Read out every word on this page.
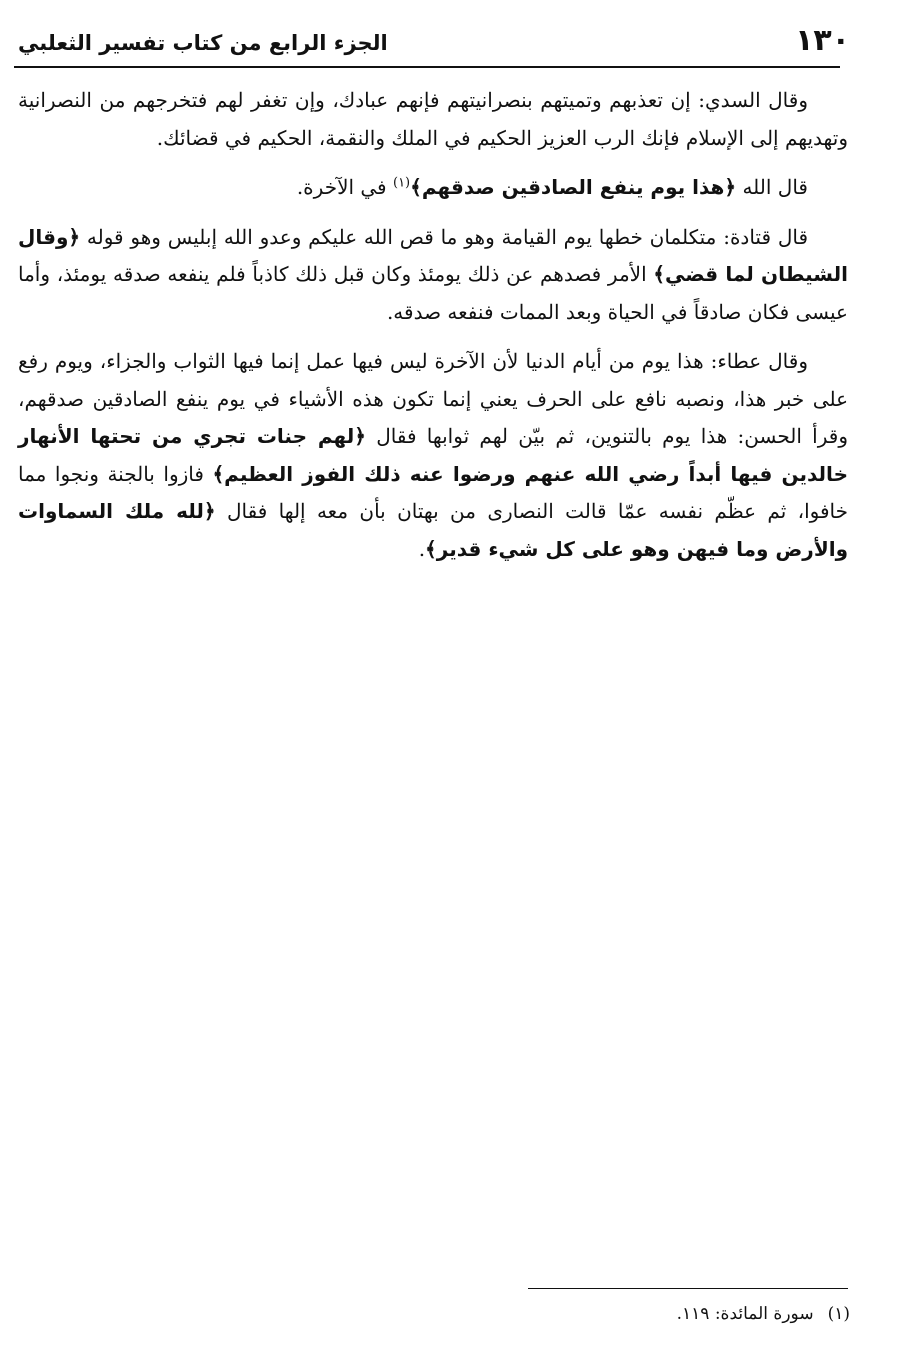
١٣٠
الجزء الرابع من كتاب تفسير الثعلبي

وقال السدي: إن تعذبهم وتميتهم بنصرانيتهم فإنهم عبادك، وإن تغفر لهم فتخرجهم من النصرانية وتهديهم إلى الإسلام فإنك الرب العزيز الحكيم في الملك والنقمة، الحكيم في قضائك.

قال الله ﴿هذا يوم ينفع الصادقين صدقهم﴾$^{(١)}$ في الآخرة.

قال قتادة: متكلمان خطها يوم القيامة وهو ما قص الله عليكم وعدو الله إبليس وهو قوله ﴿وقال الشيطان لما قضي﴾ الأمر فصدهم عن ذلك يومئذ وكان قبل ذلك كاذباً فلم ينفعه صدقه يومئذ، وأما عيسى فكان صادقاً في الحياة وبعد الممات فنفعه صدقه.

وقال عطاء: هذا يوم من أيام الدنيا لأن الآخرة ليس فيها عمل إنما فيها الثواب والجزاء، ويوم رفع على خبر هذا، ونصبه نافع على الحرف يعني إنما تكون هذه الأشياء في يوم ينفع الصادقين صدقهم، وقرأ الحسن: هذا يوم بالتنوين، ثم بيّن لهم ثوابها فقال ﴿لهم جنات تجري من تحتها الأنهار خالدين فيها أبداً رضي الله عنهم ورضوا عنه ذلك الفوز العظيم﴾ فازوا بالجنة ونجوا مما خافوا، ثم عظّم نفسه عمّا قالت النصارى من بهتان بأن معه إلها فقال ﴿لله ملك السماوات والأرض وما فيهن وهو على كل شيء قدير﴾.

(١)سورة المائدة: ١١٩.
